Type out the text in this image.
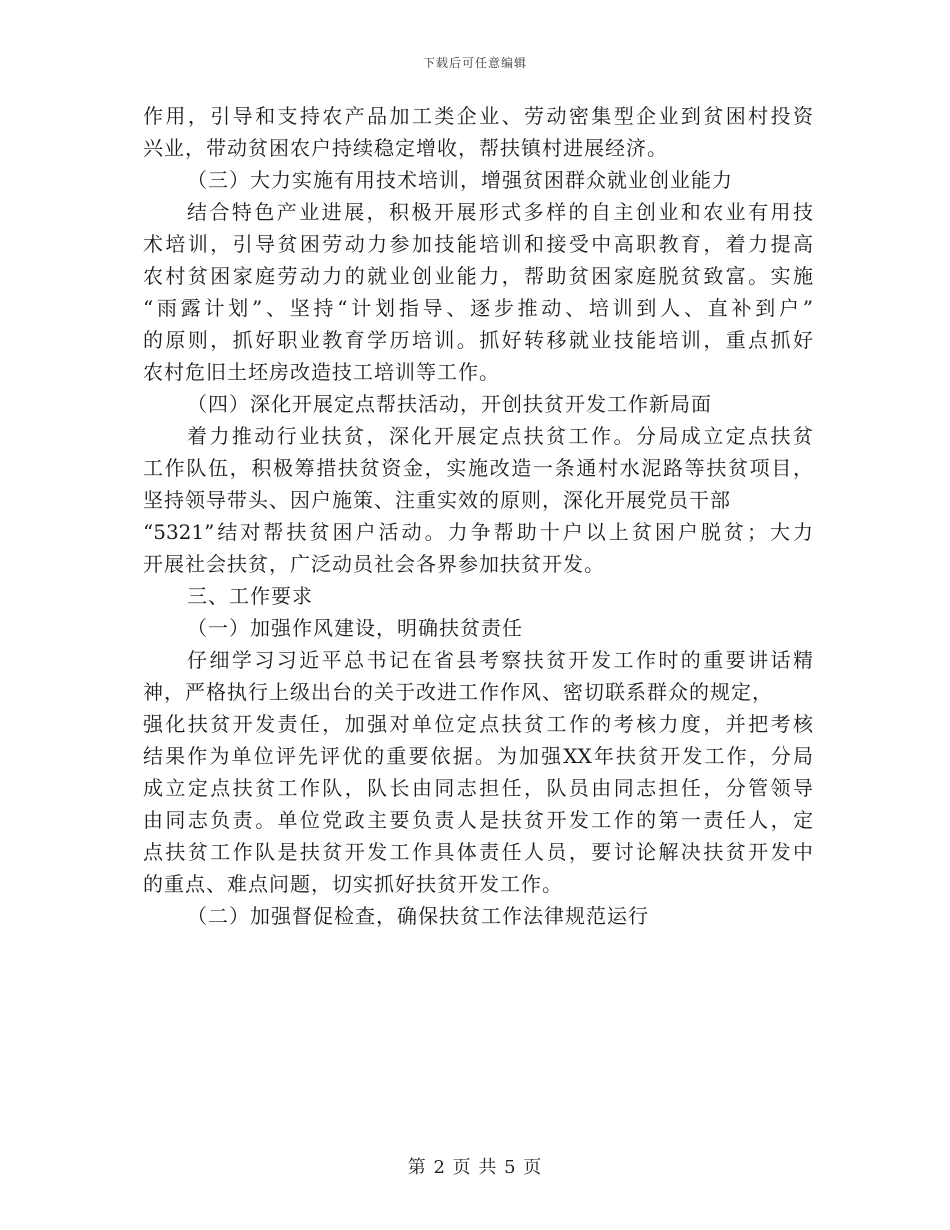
下载后可任意编辑
作用，引导和支持农产品加工类企业、劳动密集型企业到贫困村投资
兴业，带动贫困农户持续稳定增收，帮扶镇村进展经济。
（三）大力实施有用技术培训，增强贫困群众就业创业能力
结合特色产业进展，积极开展形式多样的自主创业和农业有用技
术培训，引导贫困劳动力参加技能培训和接受中高职教育，着力提高
农村贫困家庭劳动力的就业创业能力，帮助贫困家庭脱贫致富。实施
“雨露计划”、坚持“计划指导、逐步推动、培训到人、直补到户”
的原则，抓好职业教育学历培训。抓好转移就业技能培训，重点抓好
农村危旧土坯房改造技工培训等工作。
（四）深化开展定点帮扶活动，开创扶贫开发工作新局面
着力推动行业扶贫，深化开展定点扶贫工作。分局成立定点扶贫
工作队伍，积极筹措扶贫资金，实施改造一条通村水泥路等扶贫项目，
坚持领导带头、因户施策、注重实效的原则，深化开展党员干部
“5321”结对帮扶贫困户活动。力争帮助十户以上贫困户脱贫；大力
开展社会扶贫，广泛动员社会各界参加扶贫开发。
三、工作要求
（一）加强作风建设，明确扶贫责任
仔细学习习近平总书记在省县考察扶贫开发工作时的重要讲话精
神，严格执行上级出台的关于改进工作作风、密切联系群众的规定，
强化扶贫开发责任，加强对单位定点扶贫工作的考核力度，并把考核
结果作为单位评先评优的重要依据。为加强XX年扶贫开发工作，分局
成立定点扶贫工作队，队长由同志担任，队员由同志担任，分管领导
由同志负责。单位党政主要负责人是扶贫开发工作的第一责任人，定
点扶贫工作队是扶贫开发工作具体责任人员，要讨论解决扶贫开发中
的重点、难点问题，切实抓好扶贫开发工作。
（二）加强督促检查，确保扶贫工作法律规范运行
第 2 页 共 5 页
